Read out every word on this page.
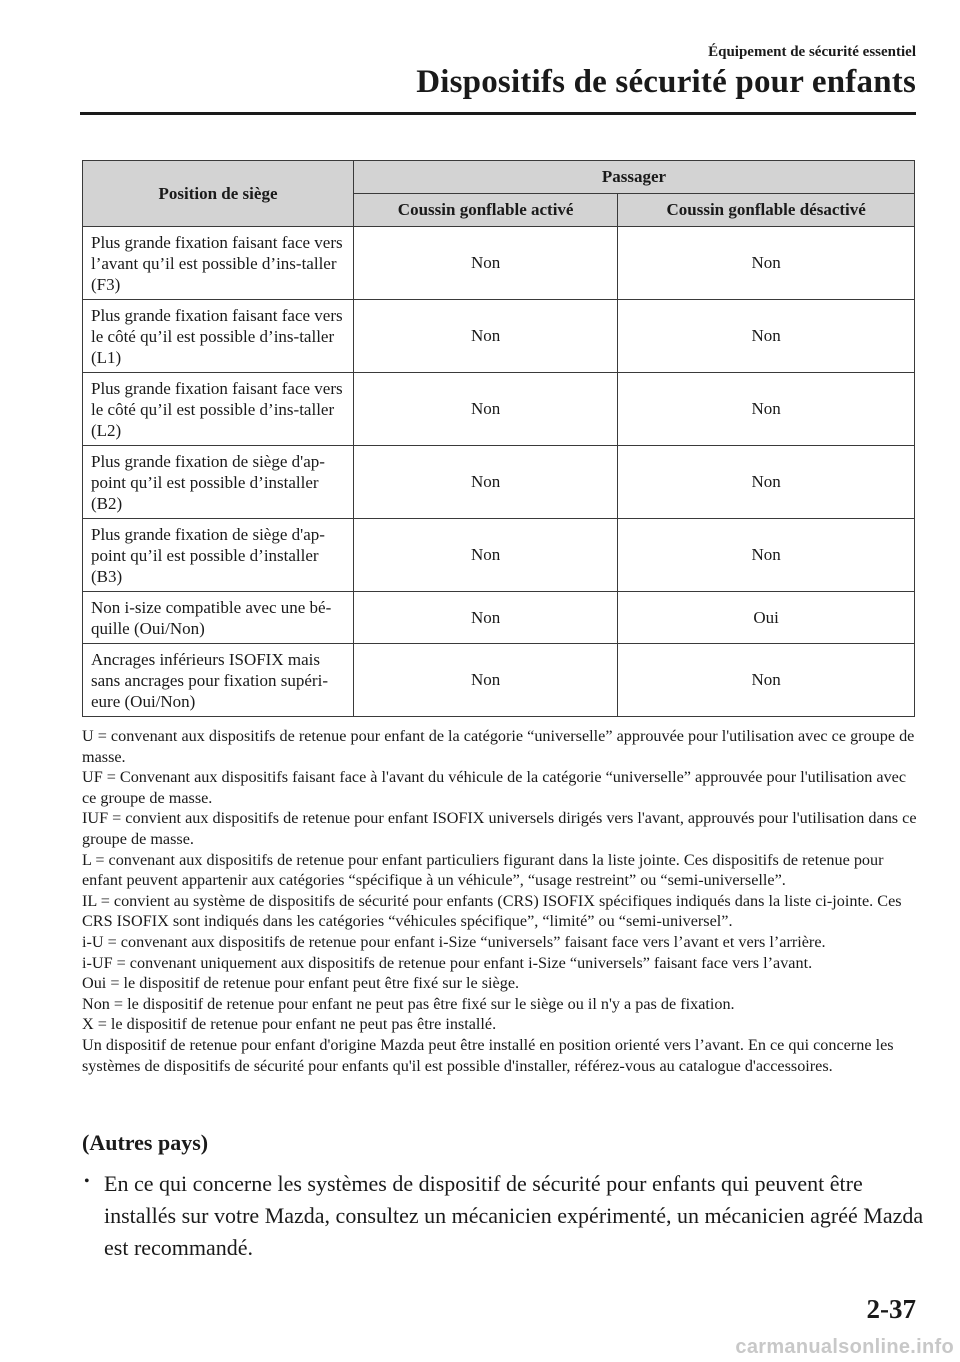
Équipement de sécurité essentiel
Dispositifs de sécurité pour enfants
Position de siège	Passager	
	Coussin gonflable activé	Coussin gonflable désactivé
Plus grande fixation faisant face vers l’avant qu’il est possible d’ins-taller (F3)	Non	Non
Plus grande fixation faisant face vers le côté qu’il est possible d’ins-taller (L1)	Non	Non
Plus grande fixation faisant face vers le côté qu’il est possible d’ins-taller (L2)	Non	Non
Plus grande fixation de siège d'ap-point qu’il est possible d’installer (B2)	Non	Non
Plus grande fixation de siège d'ap-point qu’il est possible d’installer (B3)	Non	Non
Non i-size compatible avec une bé-quille (Oui/Non)	Non	Oui
Ancrages inférieurs ISOFIX mais sans ancrages pour fixation supéri-eure (Oui/Non)	Non	Non

U = convenant aux dispositifs de retenue pour enfant de la catégorie “universelle” approuvée pour l'utilisation avec ce groupe de masse.

UF = Convenant aux dispositifs faisant face à l'avant du véhicule de la catégorie “universelle” approuvée pour l'utilisation avec ce groupe de masse.

IUF = convient aux dispositifs de retenue pour enfant ISOFIX universels dirigés vers l'avant, approuvés pour l'utilisation dans ce groupe de masse.

L = convenant aux dispositifs de retenue pour enfant particuliers figurant dans la liste jointe. Ces dispositifs de retenue pour enfant peuvent appartenir aux catégories “spécifique à un véhicule”, “usage restreint” ou “semi-universelle”.

IL = convient au système de dispositifs de sécurité pour enfants (CRS) ISOFIX spécifiques indiqués dans la liste ci-jointe. Ces CRS ISOFIX sont indiqués dans les catégories “véhicules spécifique”, “limité” ou “semi-universel”.

i-U = convenant aux dispositifs de retenue pour enfant i-Size “universels” faisant face vers l’avant et vers l’arrière.

i-UF = convenant uniquement aux dispositifs de retenue pour enfant i-Size “universels” faisant face vers l’avant.

Oui = le dispositif de retenue pour enfant peut être fixé sur le siège.

Non = le dispositif de retenue pour enfant ne peut pas être fixé sur le siège ou il n'y a pas de fixation.

X = le dispositif de retenue pour enfant ne peut pas être installé.

Un dispositif de retenue pour enfant d'origine Mazda peut être installé en position orienté vers l’avant. En ce qui concerne les systèmes de dispositifs de sécurité pour enfants qu'il est possible d'installer, référez-vous au catalogue d'accessoires.

(Autres pays)
• En ce qui concerne les systèmes de dispositif de sécurité pour enfants qui peuvent être installés sur votre Mazda, consultez un mécanicien expérimenté, un mécanicien agréé Mazda est recommandé.
2-37
carmanualsonline.info
